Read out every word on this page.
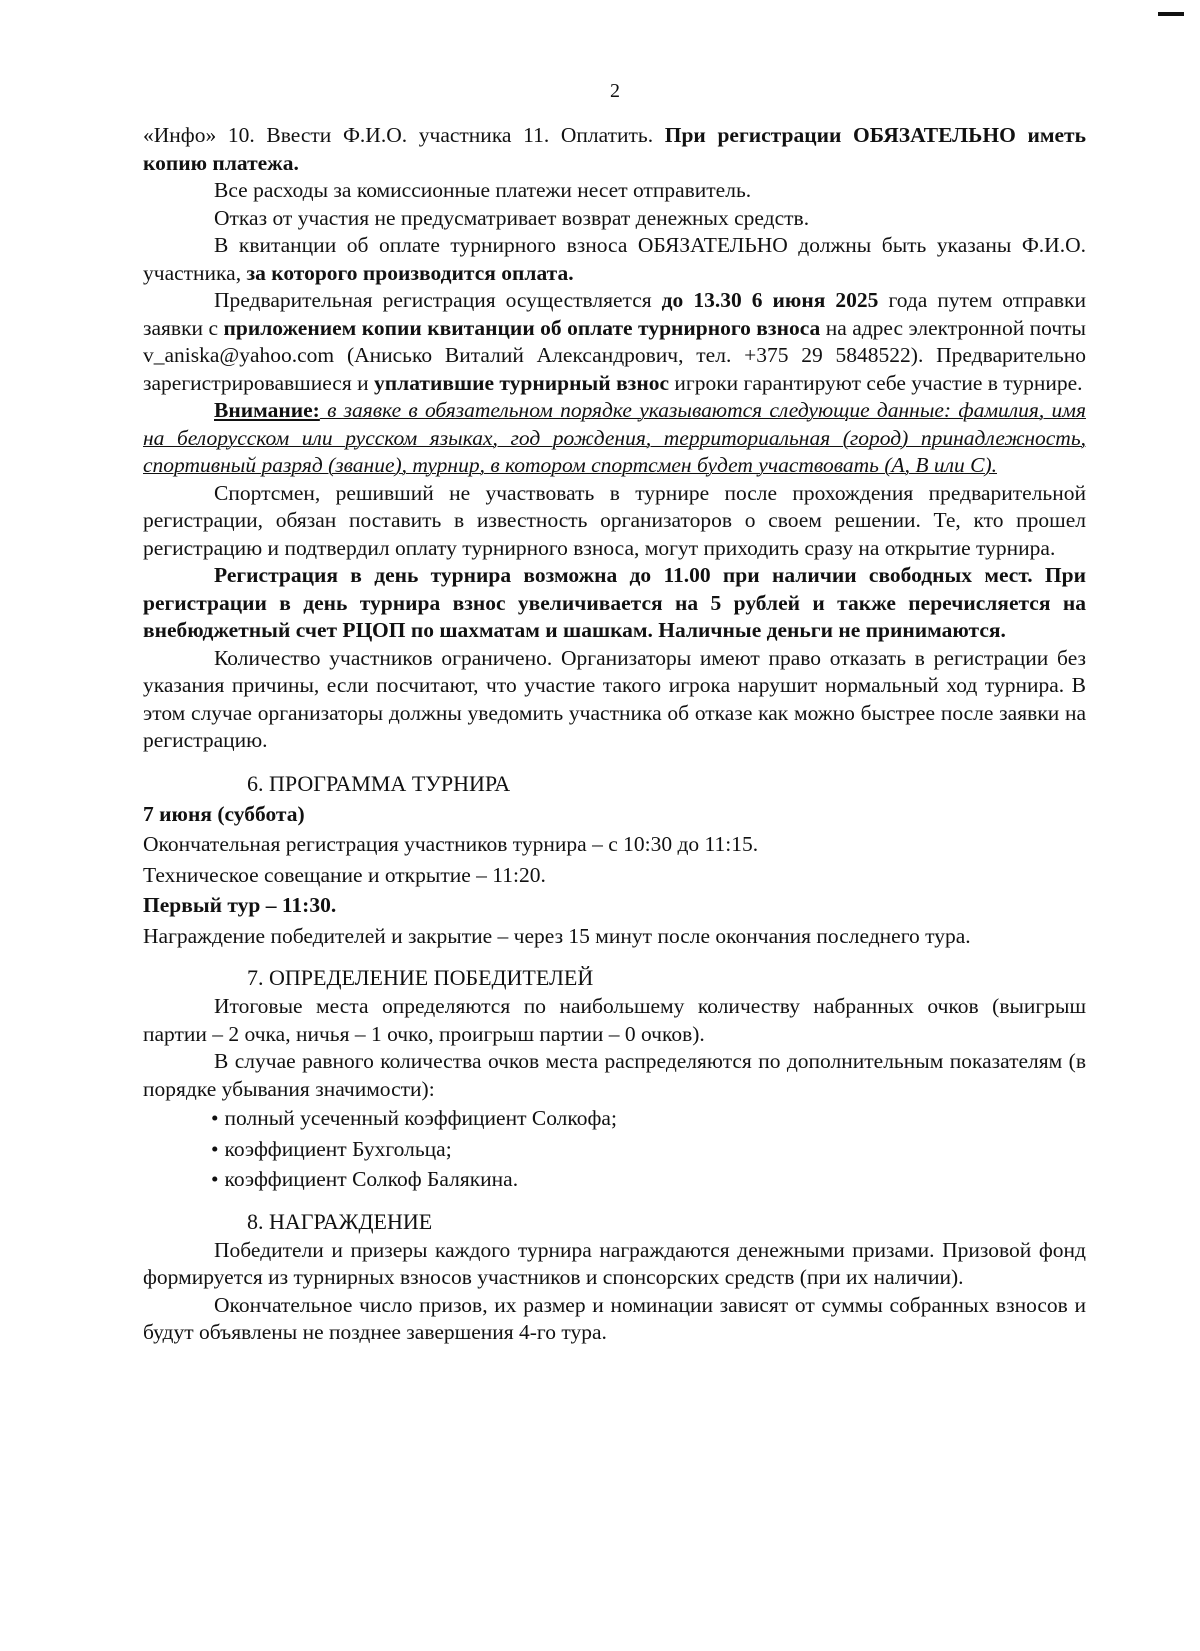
2

«Инфо» 10. Ввести Ф.И.О. участника 11. Оплатить. При регистрации ОБЯЗАТЕЛЬНО иметь копию платежа.

Все расходы за комиссионные платежи несет отправитель.

Отказ от участия не предусматривает возврат денежных средств.

В квитанции об оплате турнирного взноса ОБЯЗАТЕЛЬНО должны быть указаны Ф.И.О. участника, за которого производится оплата.

Предварительная регистрация осуществляется до 13.30 6 июня 2025 года путем отправки заявки с приложением копии квитанции об оплате турнирного взноса на адрес электронной почты v_aniska@yahoo.com (Анисько Виталий Александрович, тел. +375 29 5848522). Предварительно зарегистрировавшиеся и уплатившие турнирный взнос игроки гарантируют себе участие в турнире.

Внимание: в заявке в обязательном порядке указываются следующие данные: фамилия, имя на белорусском или русском языках, год рождения, территориальная (город) принадлежность, спортивный разряд (звание), турнир, в котором спортсмен будет участвовать (А, В или С).

Спортсмен, решивший не участвовать в турнире после прохождения предварительной регистрации, обязан поставить в известность организаторов о своем решении. Те, кто прошел регистрацию и подтвердил оплату турнирного взноса, могут приходить сразу на открытие турнира.

Регистрация в день турнира возможна до 11.00 при наличии свободных мест. При регистрации в день турнира взнос увеличивается на 5 рублей и также перечисляется на внебюджетный счет РЦОП по шахматам и шашкам. Наличные деньги не принимаются.

Количество участников ограничено. Организаторы имеют право отказать в регистрации без указания причины, если посчитают, что участие такого игрока нарушит нормальный ход турнира. В этом случае организаторы должны уведомить участника об отказе как можно быстрее после заявки на регистрацию.

6. ПРОГРАММА ТУРНИРА

7 июня (суббота)

Окончательная регистрация участников турнира – с 10:30 до 11:15.

Техническое совещание и открытие – 11:20.

Первый тур – 11:30.

Награждение победителей и закрытие – через 15 минут после окончания последнего тура.

7. ОПРЕДЕЛЕНИЕ ПОБЕДИТЕЛЕЙ

Итоговые места определяются по наибольшему количеству набранных очков (выигрыш партии – 2 очка, ничья – 1 очко, проигрыш партии – 0 очков).

В случае равного количества очков места распределяются по дополнительным показателям (в порядке убывания значимости):

• полный усеченный коэффициент Солкофа;
• коэффициент Бухгольца;
• коэффициент Солкоф Балякина.
8. НАГРАЖДЕНИЕ

Победители и призеры каждого турнира награждаются денежными призами. Призовой фонд формируется из турнирных взносов участников и спонсорских средств (при их наличии).

Окончательное число призов, их размер и номинации зависят от суммы собранных взносов и будут объявлены не позднее завершения 4-го тура.
